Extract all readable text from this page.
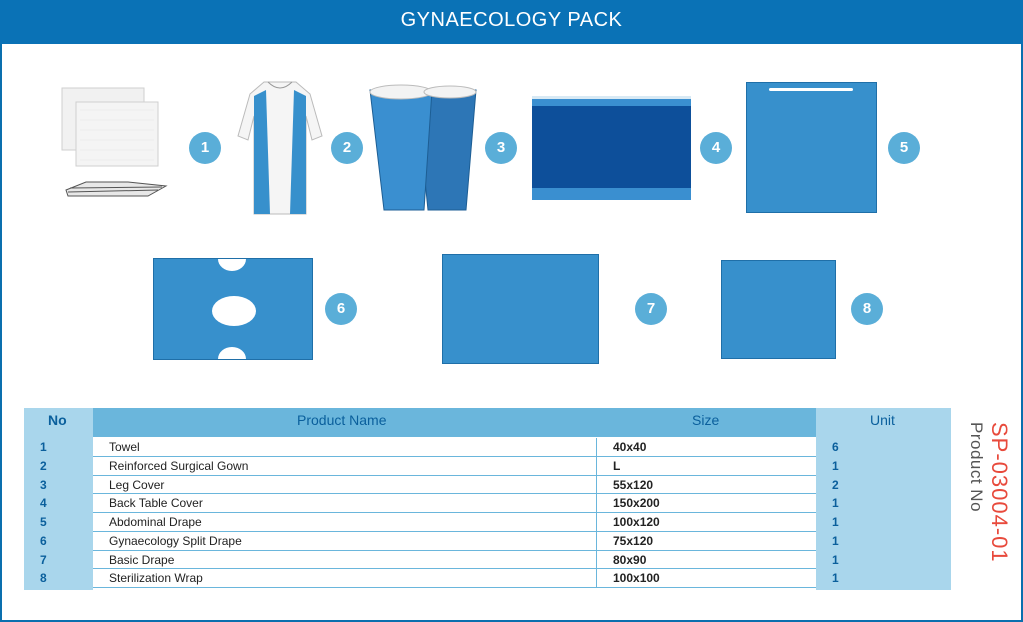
GYNAECOLOGY PACK
1	2	3	4	5
6	7	8
No	Product Name	Size	Unit
1	Towel	40x40	6
2	Reinforced Surgical Gown	L	1
3	Leg Cover	55x120	2
4	Back Table Cover	150x200	1
5	Abdominal Drape	100x120	1
6	Gynaecology Split Drape	75x120	1
7	Basic Drape	80x90	1
8	Sterilization Wrap	100x100	1
SP-03004-01
Product No
